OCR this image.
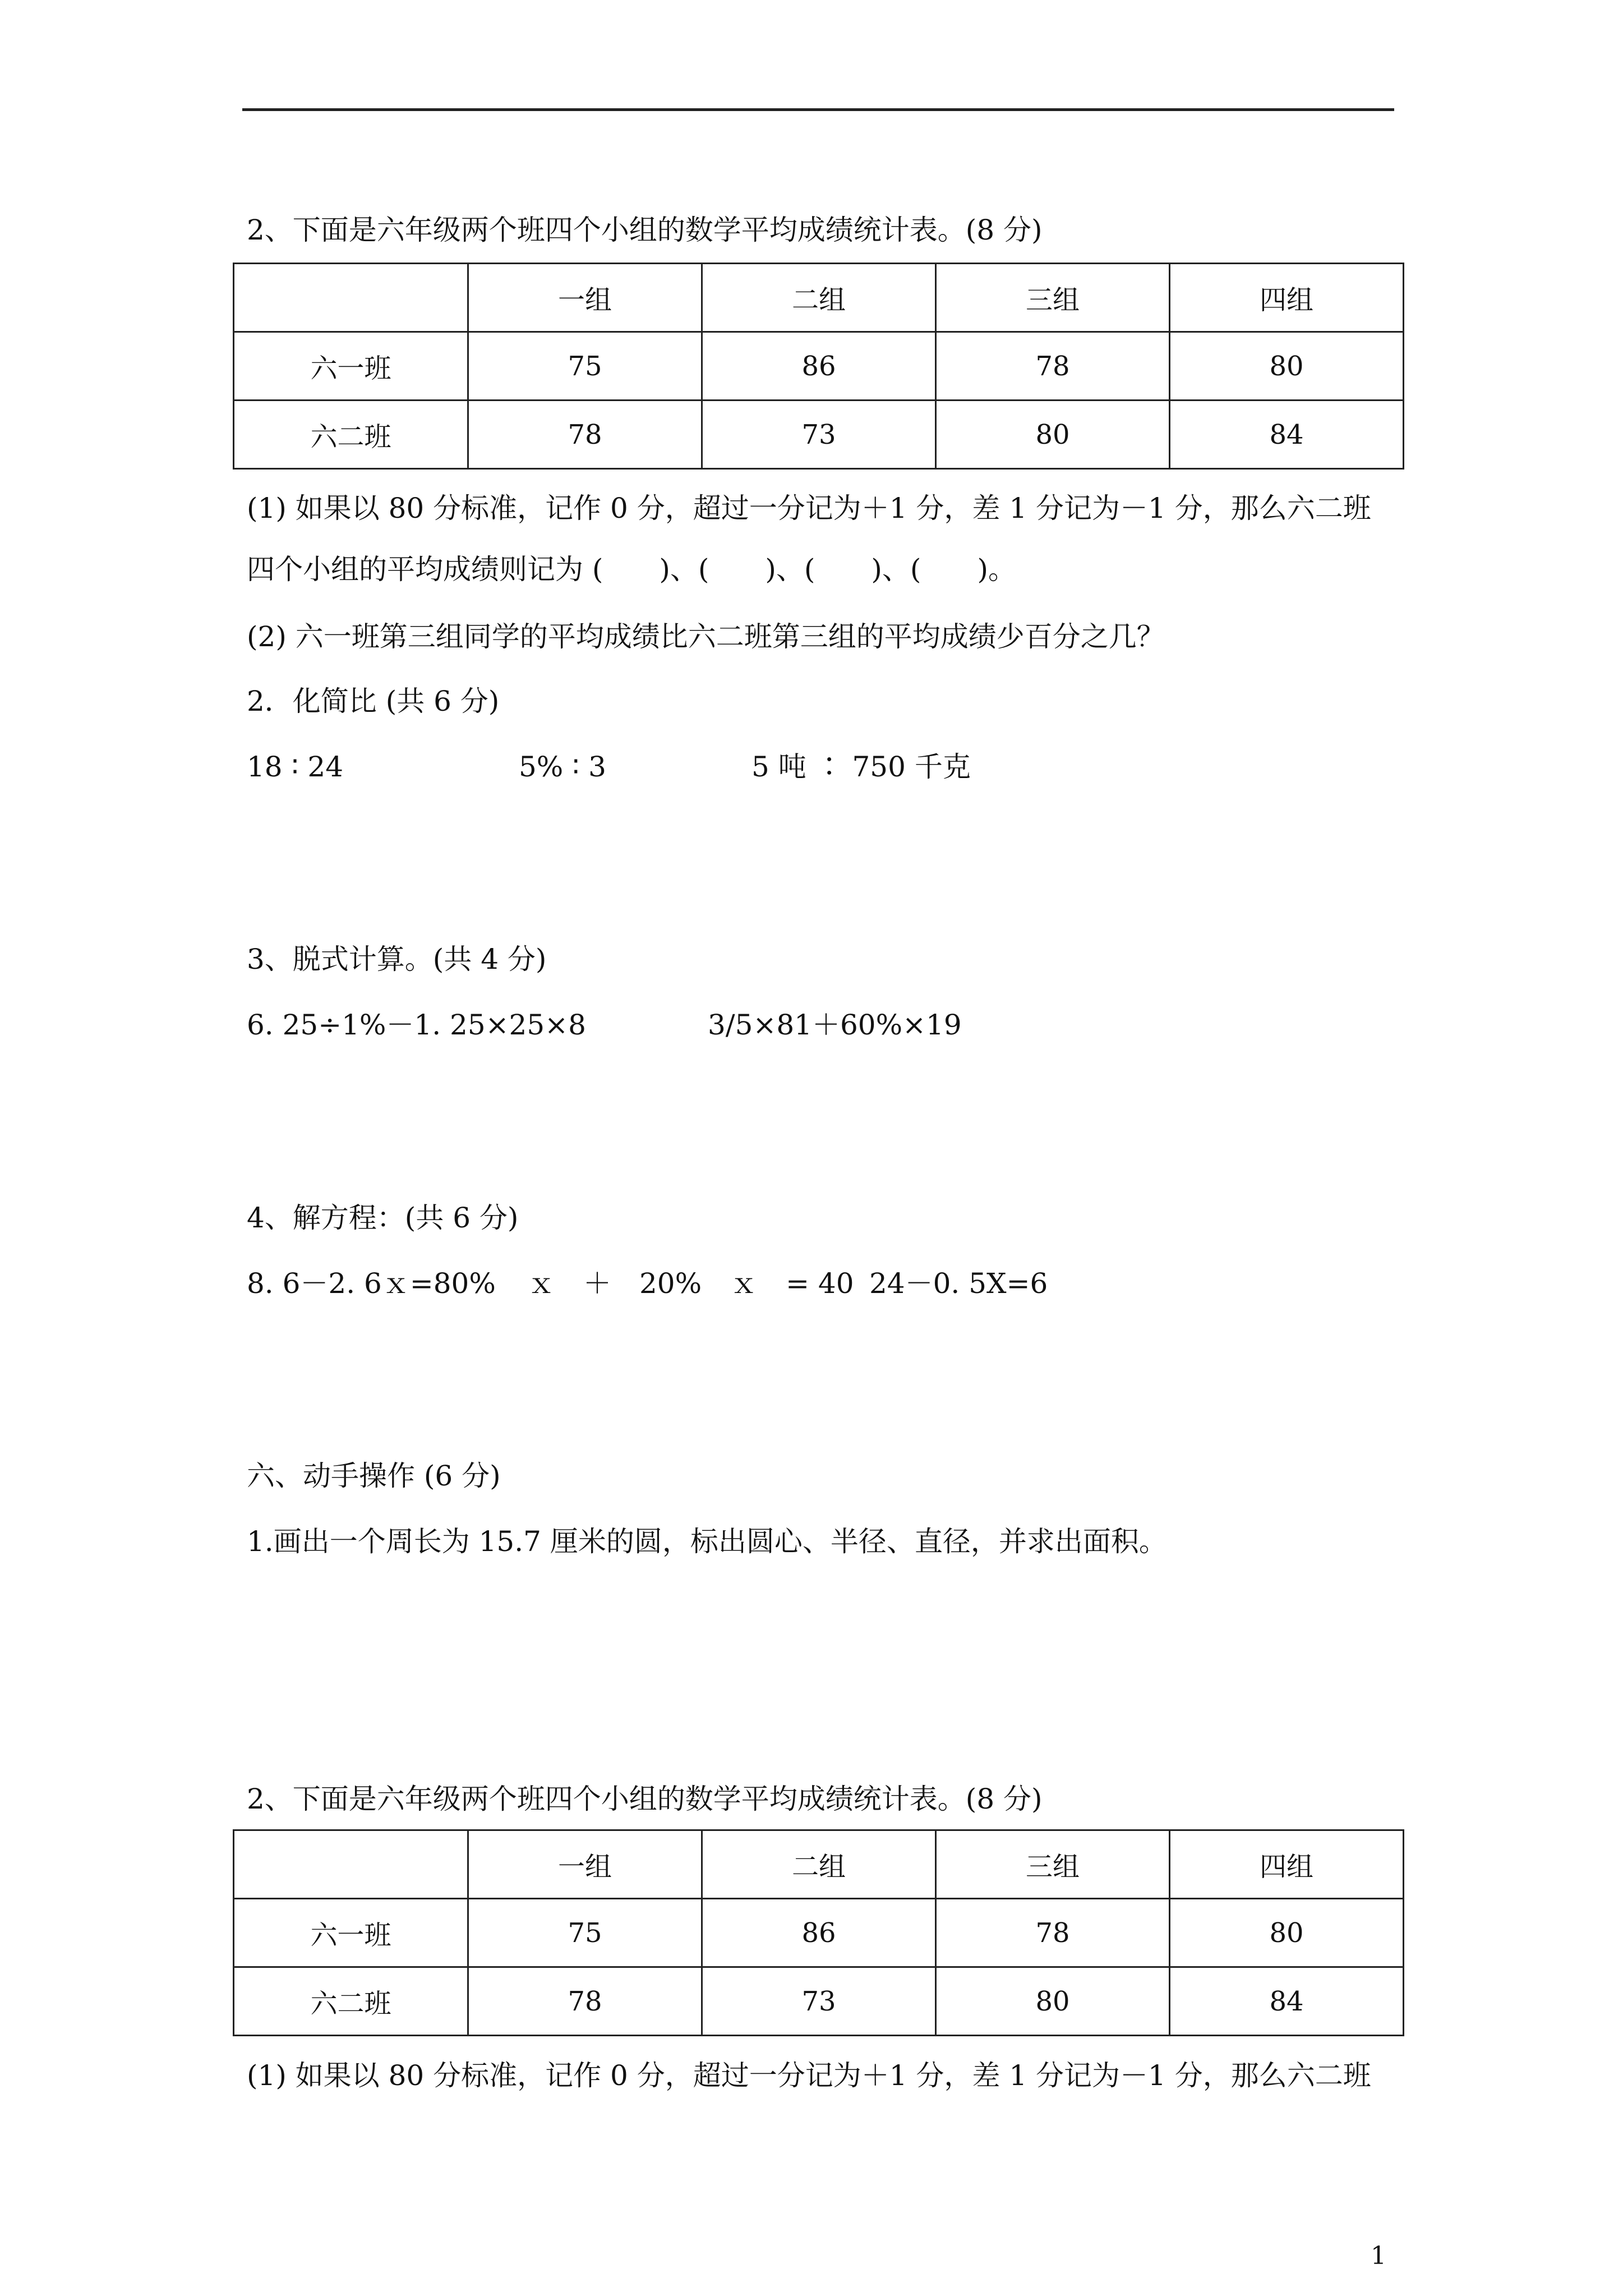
2、下面是六年级两个班四个小组的数学平均成绩统计表。(8 分)
	一组	二组	三组	四组
六一班	75	86	78	80
六二班	78	73	80	84
(1) 如果以 80 分标准，记作 0 分，超过一分记为＋1 分，差 1 分记为－1 分，那么六二班
四个小组的平均成绩则记为 (　　)、(　　)、(　　)、(　　)。
(2) 六一班第三组同学的平均成绩比六二班第三组的平均成绩少百分之几？
2．化简比 (共 6 分)
18 ∶ 24	5% ∶ 3	5 吨 ∶ 750 千克
3、脱式计算。(共 4 分)
6. 25÷1%－1. 25×25×8	3/5×81＋60%×19
4、解方程：(共 6 分)
8. 6－2. 6ｘ=80% ｘ　＋　20%　ｘ　= 40 24－0. 5X=6
六、动手操作 (6 分)
1.画出一个周长为 15.7 厘米的圆，标出圆心、半径、直径，并求出面积。
2、下面是六年级两个班四个小组的数学平均成绩统计表。(8 分)
	一组	二组	三组	四组
六一班	75	86	78	80
六二班	78	73	80	84
(1) 如果以 80 分标准，记作 0 分，超过一分记为＋1 分，差 1 分记为－1 分，那么六二班
1
